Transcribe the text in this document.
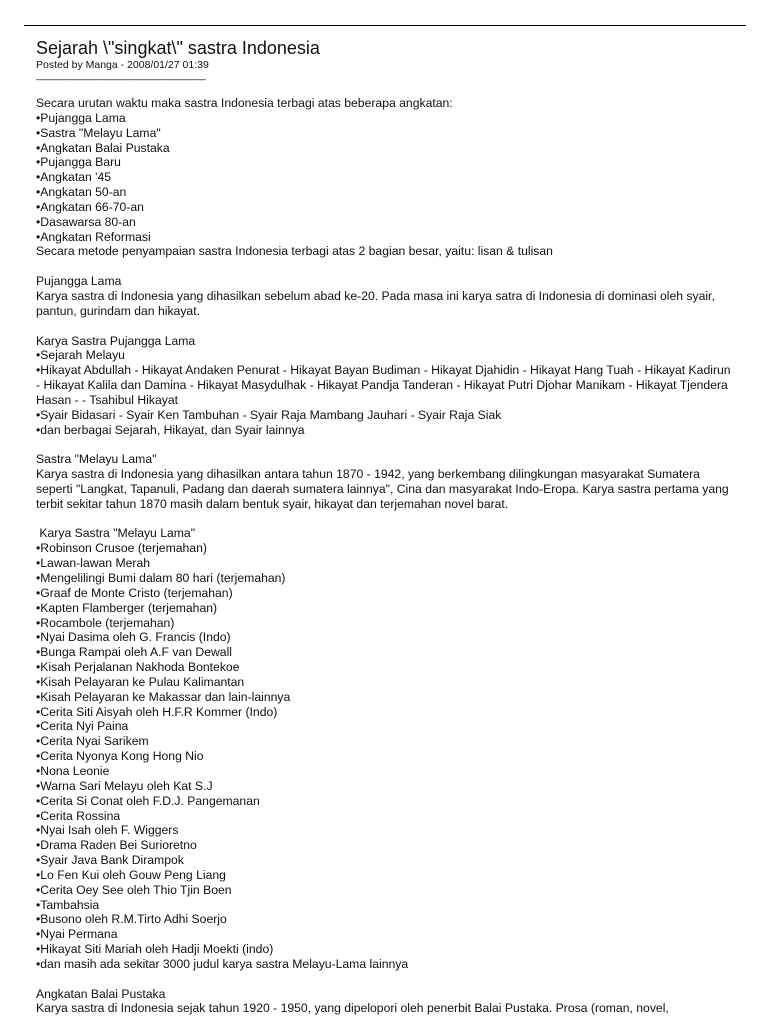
Sejarah \"singkat\" sastra Indonesia

Posted by Manga - 2008/01/27 01:39

_____________________________________

Secara urutan waktu maka sastra Indonesia terbagi atas beberapa angkatan:
•Pujangga Lama
•Sastra "Melayu Lama"
•Angkatan Balai Pustaka
•Pujangga Baru
•Angkatan '45
•Angkatan 50-an
•Angkatan 66-70-an
•Dasawarsa 80-an
•Angkatan Reformasi
Secara metode penyampaian sastra Indonesia terbagi atas 2 bagian besar, yaitu: lisan & tulisan
Pujangga Lama
Karya sastra di Indonesia yang dihasilkan sebelum abad ke-20. Pada masa ini karya satra di Indonesia di dominasi oleh syair, pantun, gurindam dan hikayat.
Karya Sastra Pujangga Lama
•Sejarah Melayu
•Hikayat Abdullah - Hikayat Andaken Penurat - Hikayat Bayan Budiman - Hikayat Djahidin - Hikayat Hang Tuah - Hikayat Kadirun - Hikayat Kalila dan Damina - Hikayat Masydulhak - Hikayat Pandja Tanderan - Hikayat Putri Djohar Manikam - Hikayat Tjendera Hasan - - Tsahibul Hikayat
•Syair Bidasari - Syair Ken Tambuhan - Syair Raja Mambang Jauhari - Syair Raja Siak
•dan berbagai Sejarah, Hikayat, dan Syair lainnya
Sastra "Melayu Lama"
Karya sastra di Indonesia yang dihasilkan antara tahun 1870 - 1942, yang berkembang dilingkungan masyarakat Sumatera seperti "Langkat, Tapanuli, Padang dan daerah sumatera lainnya", Cina dan masyarakat Indo-Eropa. Karya sastra pertama yang terbit sekitar tahun 1870 masih dalam bentuk syair, hikayat dan terjemahan novel barat.
Karya Sastra "Melayu Lama"
•Robinson Crusoe (terjemahan)
•Lawan-lawan Merah
•Mengelilingi Bumi dalam 80 hari (terjemahan)
•Graaf de Monte Cristo (terjemahan)
•Kapten Flamberger (terjemahan)
•Rocambole (terjemahan)
•Nyai Dasima oleh G. Francis (Indo)
•Bunga Rampai oleh A.F van Dewall
•Kisah Perjalanan Nakhoda Bontekoe
•Kisah Pelayaran ke Pulau Kalimantan
•Kisah Pelayaran ke Makassar dan lain-lainnya
•Cerita Siti Aisyah oleh H.F.R Kommer (Indo)
•Cerita Nyi Paina
•Cerita Nyai Sarikem
•Cerita Nyonya Kong Hong Nio
•Nona Leonie
•Warna Sari Melayu oleh Kat S.J
•Cerita Si Conat oleh F.D.J. Pangemanan
•Cerita Rossina
•Nyai Isah oleh F. Wiggers
•Drama Raden Bei Surioretno
•Syair Java Bank Dirampok
•Lo Fen Kui oleh Gouw Peng Liang
•Cerita Oey See oleh Thio Tjin Boen
•Tambahsia
•Busono oleh R.M.Tirto Adhi Soerjo
•Nyai Permana
•Hikayat Siti Mariah oleh Hadji Moekti (indo)
•dan masih ada sekitar 3000 judul karya sastra Melayu-Lama lainnya
Angkatan Balai Pustaka
Karya sastra di Indonesia sejak tahun 1920 - 1950, yang dipelopori oleh penerbit Balai Pustaka. Prosa (roman, novel,
